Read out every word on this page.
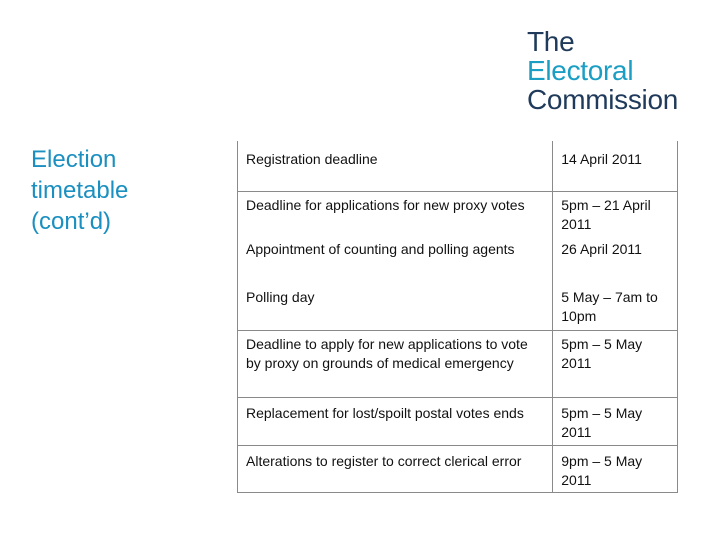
The
Electoral
Commission
Election
timetable
(cont’d)
Registration deadline	14 April 2011
Deadline for applications for new proxy votes	5pm – 21 April 2011
Appointment of counting and polling agents	26 April 2011
Polling day	5 May – 7am to 10pm
Deadline to apply for new applications to vote by proxy on grounds of medical emergency	5pm – 5 May 2011
Replacement for lost/spoilt postal votes ends	5pm – 5 May 2011
Alterations to register to correct clerical error	9pm – 5 May 2011
